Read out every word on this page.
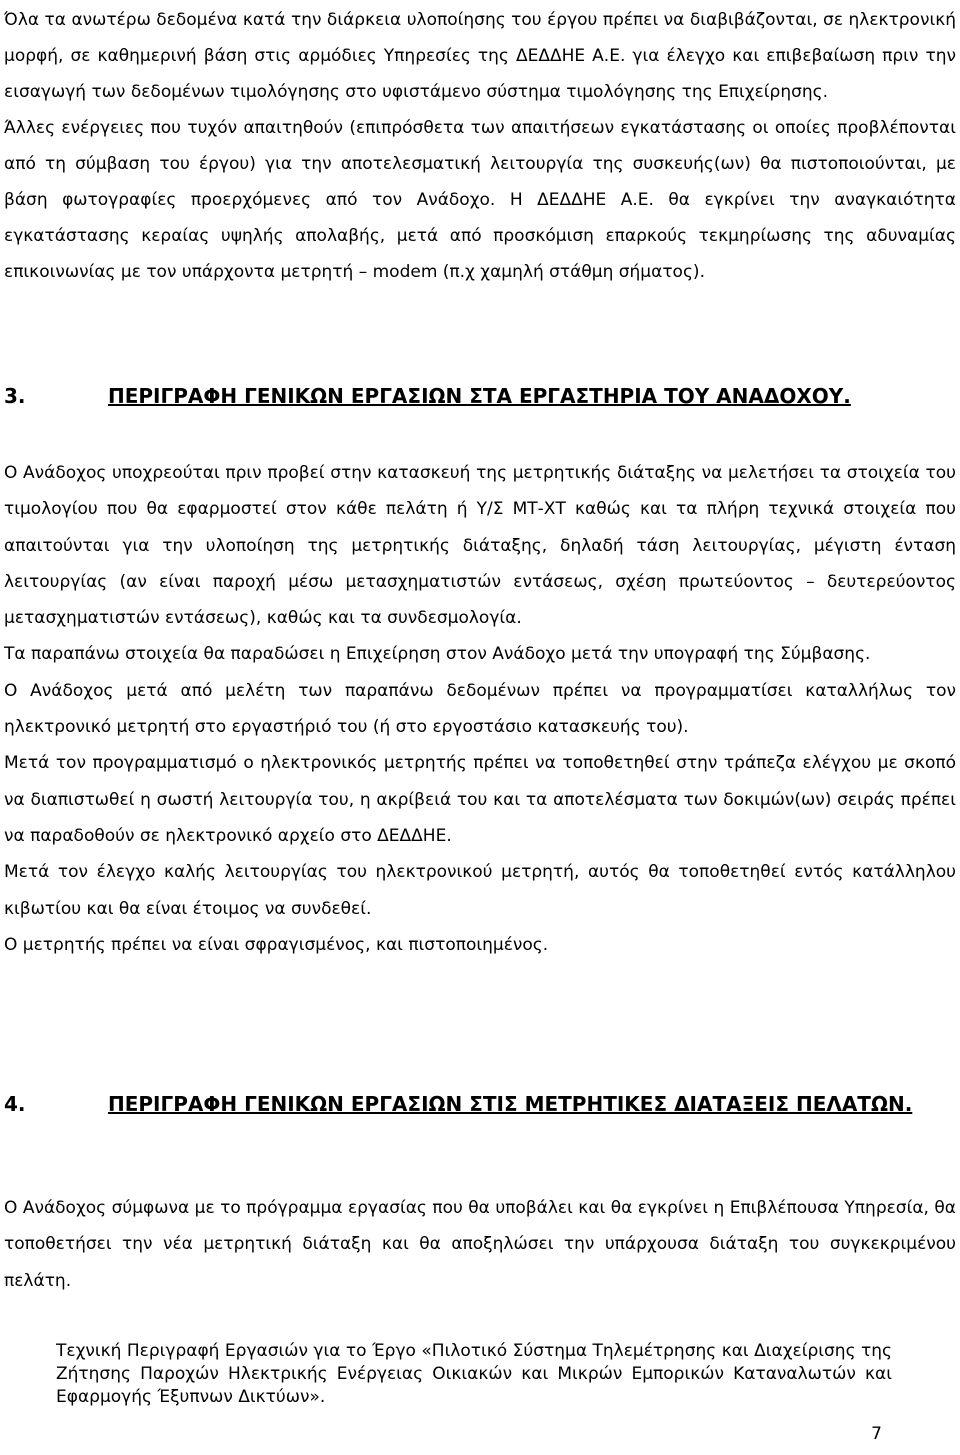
Όλα τα ανωτέρω δεδομένα κατά την διάρκεια υλοποίησης του έργου πρέπει να διαβιβάζονται, σε ηλεκτρονική μορφή, σε καθημερινή βάση στις αρμόδιες Υπηρεσίες της ΔΕΔΔΗΕ Α.Ε. για έλεγχο και επιβεβαίωση πριν την εισαγωγή των δεδομένων τιμολόγησης στο υφιστάμενο σύστημα τιμολόγησης της Επιχείρησης.

Άλλες ενέργειες που τυχόν απαιτηθούν (επιπρόσθετα των απαιτήσεων εγκατάστασης οι οποίες προβλέπονται από τη σύμβαση του έργου) για την αποτελεσματική λειτουργία της συσκευής(ων) θα πιστοποιούνται, με βάση φωτογραφίες προερχόμενες από τον Ανάδοχο. Η ΔΕΔΔΗΕ Α.Ε. θα εγκρίνει την αναγκαιότητα εγκατάστασης κεραίας υψηλής απολαβής, μετά από προσκόμιση επαρκούς τεκμηρίωσης της αδυναμίας επικοινωνίας με τον υπάρχοντα μετρητή – modem (π.χ χαμηλή στάθμη σήματος).

3.	ΠΕΡΙΓΡΑΦΗ ΓΕΝΙΚΩΝ ΕΡΓΑΣΙΩΝ ΣΤΑ ΕΡΓΑΣΤΗΡΙΑ ΤΟΥ ΑΝΑΔΟΧΟΥ.

Ο Ανάδοχος υποχρεούται πριν προβεί στην κατασκευή της μετρητικής διάταξης να μελετήσει τα στοιχεία του τιμολογίου που θα εφαρμοστεί στον κάθε πελάτη ή Υ/Σ ΜΤ-ΧΤ καθώς και τα πλήρη τεχνικά στοιχεία που απαιτούνται για την υλοποίηση της μετρητικής διάταξης, δηλαδή τάση λειτουργίας, μέγιστη ένταση λειτουργίας (αν είναι παροχή μέσω μετασχηματιστών εντάσεως, σχέση πρωτεύοντος – δευτερεύοντος μετασχηματιστών εντάσεως), καθώς και τα συνδεσμολογία.

Τα παραπάνω στοιχεία θα παραδώσει η Επιχείρηση στον Ανάδοχο μετά την υπογραφή της Σύμβασης.

Ο Ανάδοχος μετά από μελέτη των παραπάνω δεδομένων πρέπει να προγραμματίσει καταλλήλως τον ηλεκτρονικό μετρητή στο εργαστήριό του (ή στο εργοστάσιο κατασκευής του).

Μετά τον προγραμματισμό ο ηλεκτρονικός μετρητής πρέπει να τοποθετηθεί στην τράπεζα ελέγχου με σκοπό να διαπιστωθεί η σωστή λειτουργία του, η ακρίβειά του και τα αποτελέσματα των δοκιμών(ων) σειράς πρέπει να παραδοθούν σε ηλεκτρονικό αρχείο στο ΔΕΔΔΗΕ.

Μετά τον έλεγχο καλής λειτουργίας του ηλεκτρονικού μετρητή, αυτός θα τοποθετηθεί εντός κατάλληλου κιβωτίου και θα είναι έτοιμος να συνδεθεί.

Ο μετρητής πρέπει να είναι σφραγισμένος, και πιστοποιημένος.

4.	ΠΕΡΙΓΡΑΦΗ ΓΕΝΙΚΩΝ ΕΡΓΑΣΙΩΝ ΣΤΙΣ ΜΕΤΡΗΤΙΚΕΣ ΔΙΑΤΑΞΕΙΣ ΠΕΛΑΤΩΝ.

Ο Ανάδοχος σύμφωνα με το πρόγραμμα εργασίας που θα υποβάλει και θα εγκρίνει η Επιβλέπουσα Υπηρεσία, θα τοποθετήσει την νέα μετρητική διάταξη και θα αποξηλώσει την υπάρχουσα διάταξη του συγκεκριμένου πελάτη.

Τεχνική Περιγραφή Εργασιών για το Έργο «Πιλοτικό Σύστημα Τηλεμέτρησης και Διαχείρισης της Ζήτησης Παροχών Ηλεκτρικής Ενέργειας Οικιακών και Μικρών Εμπορικών Καταναλωτών και Εφαρμογής Έξυπνων Δικτύων».
7
